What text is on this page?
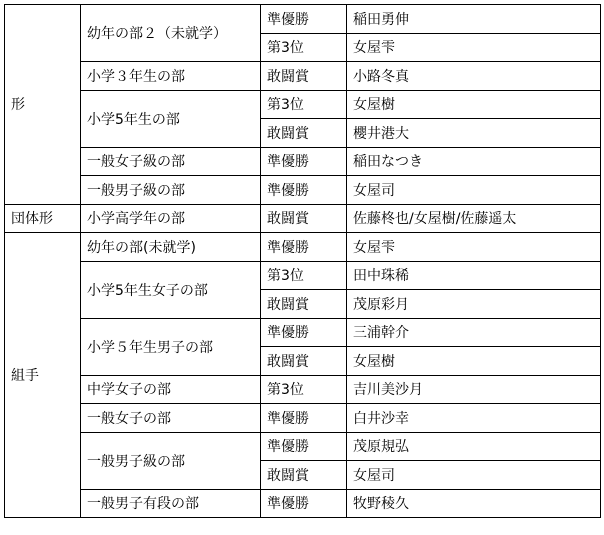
形	幼年の部２（未就学）	準優勝	稲田勇伸
		第3位	女屋雫
	小学３年生の部	敢闘賞	小路冬真
	小学5年生の部	第3位	女屋樹
		敢闘賞	櫻井港大
	一般女子級の部	準優勝	稲田なつき
	一般男子級の部	準優勝	女屋司
団体形	小学高学年の部	敢闘賞	佐藤柊也/女屋樹/佐藤遥太
組手	幼年の部(未就学)	準優勝	女屋雫
	小学5年生女子の部	第3位	田中珠稀
		敢闘賞	茂原彩月
	小学５年生男子の部	準優勝	三浦幹介
		敢闘賞	女屋樹
	中学女子の部	第3位	吉川美沙月
	一般女子の部	準優勝	白井沙幸
	一般男子級の部	準優勝	茂原規弘
		敢闘賞	女屋司
	一般男子有段の部	準優勝	牧野稜久
